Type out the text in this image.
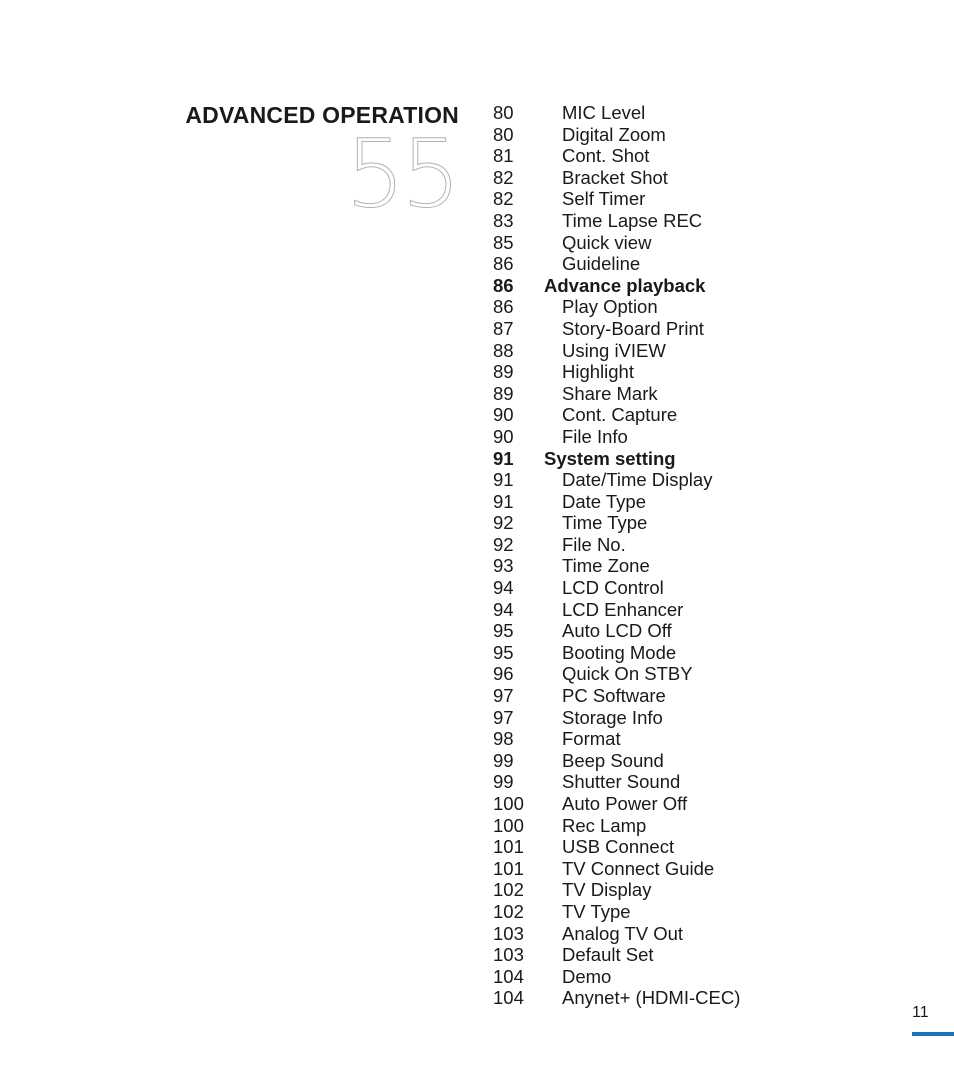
ADVANCED OPERATION
55
80	MIC Level
80	Digital Zoom
81	Cont. Shot
82	Bracket Shot
82	Self Timer
83	Time Lapse REC
85	Quick view
86	Guideline
86	Advance playback
86	Play Option
87	Story-Board Print
88	Using iVIEW
89	Highlight
89	Share Mark
90	Cont. Capture
90	File Info
91	System setting
91	Date/Time Display
91	Date Type
92	Time Type
92	File No.
93	Time Zone
94	LCD Control
94	LCD Enhancer
95	Auto LCD Off
95	Booting Mode
96	Quick On STBY
97	PC Software
97	Storage Info
98	Format
99	Beep Sound
99	Shutter Sound
100	Auto Power Off
100	Rec Lamp
101	USB Connect
101	TV Connect Guide
102	TV Display
102	TV Type
103	Analog TV Out
103	Default Set
104	Demo
104	Anynet+ (HDMI-CEC)
11
